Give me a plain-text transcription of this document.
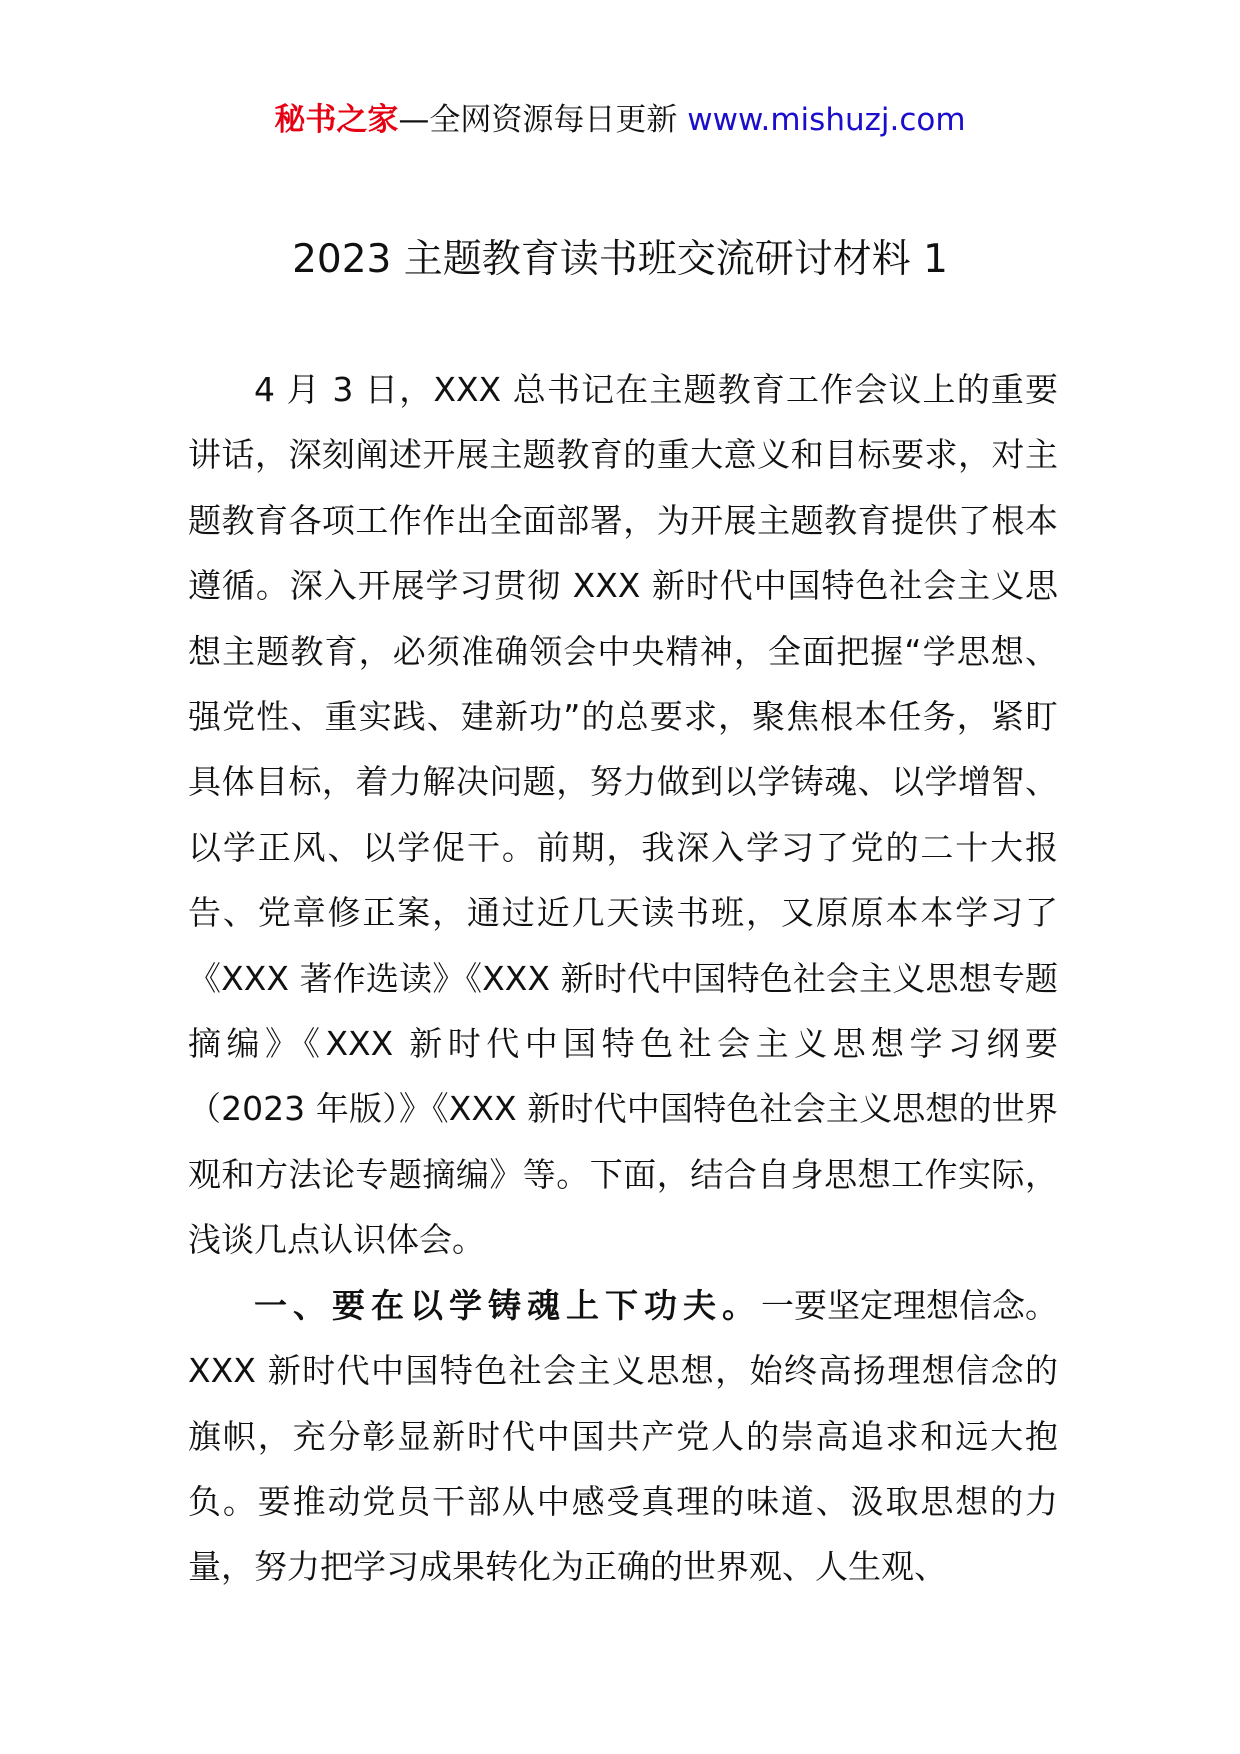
秘书之家—全网资源每日更新 www.mishuzj.com
2023 主题教育读书班交流研讨材料 1

4 月 3 日，XXX 总书记在主题教育工作会议上的重要讲话，深刻阐述开展主题教育的重大意义和目标要求，对主题教育各项工作作出全面部署，为开展主题教育提供了根本遵循。深入开展学习贯彻 XXX 新时代中国特色社会主义思想主题教育，必须准确领会中央精神，全面把握“学思想、强党性、重实践、建新功”的总要求，聚焦根本任务，紧盯具体目标，着力解决问题，努力做到以学铸魂、以学增智、以学正风、以学促干。前期，我深入学习了党的二十大报告、党章修正案，通过近几天读书班，又原原本本学习了《XXX 著作选读》《XXX 新时代中国特色社会主义思想专题摘编》《XXX 新时代中国特色社会主义思想学习纲要（2023 年版）》《XXX 新时代中国特色社会主义思想的世界观和方法论专题摘编》等。下面，结合自身思想工作实际，浅谈几点认识体会。

一、要在以学铸魂上下功夫。一要坚定理想信念。XXX 新时代中国特色社会主义思想，始终高扬理想信念的旗帜，充分彰显新时代中国共产党人的崇高追求和远大抱负。要推动党员干部从中感受真理的味道、汲取思想的力量，努力把学习成果转化为正确的世界观、人生观、
